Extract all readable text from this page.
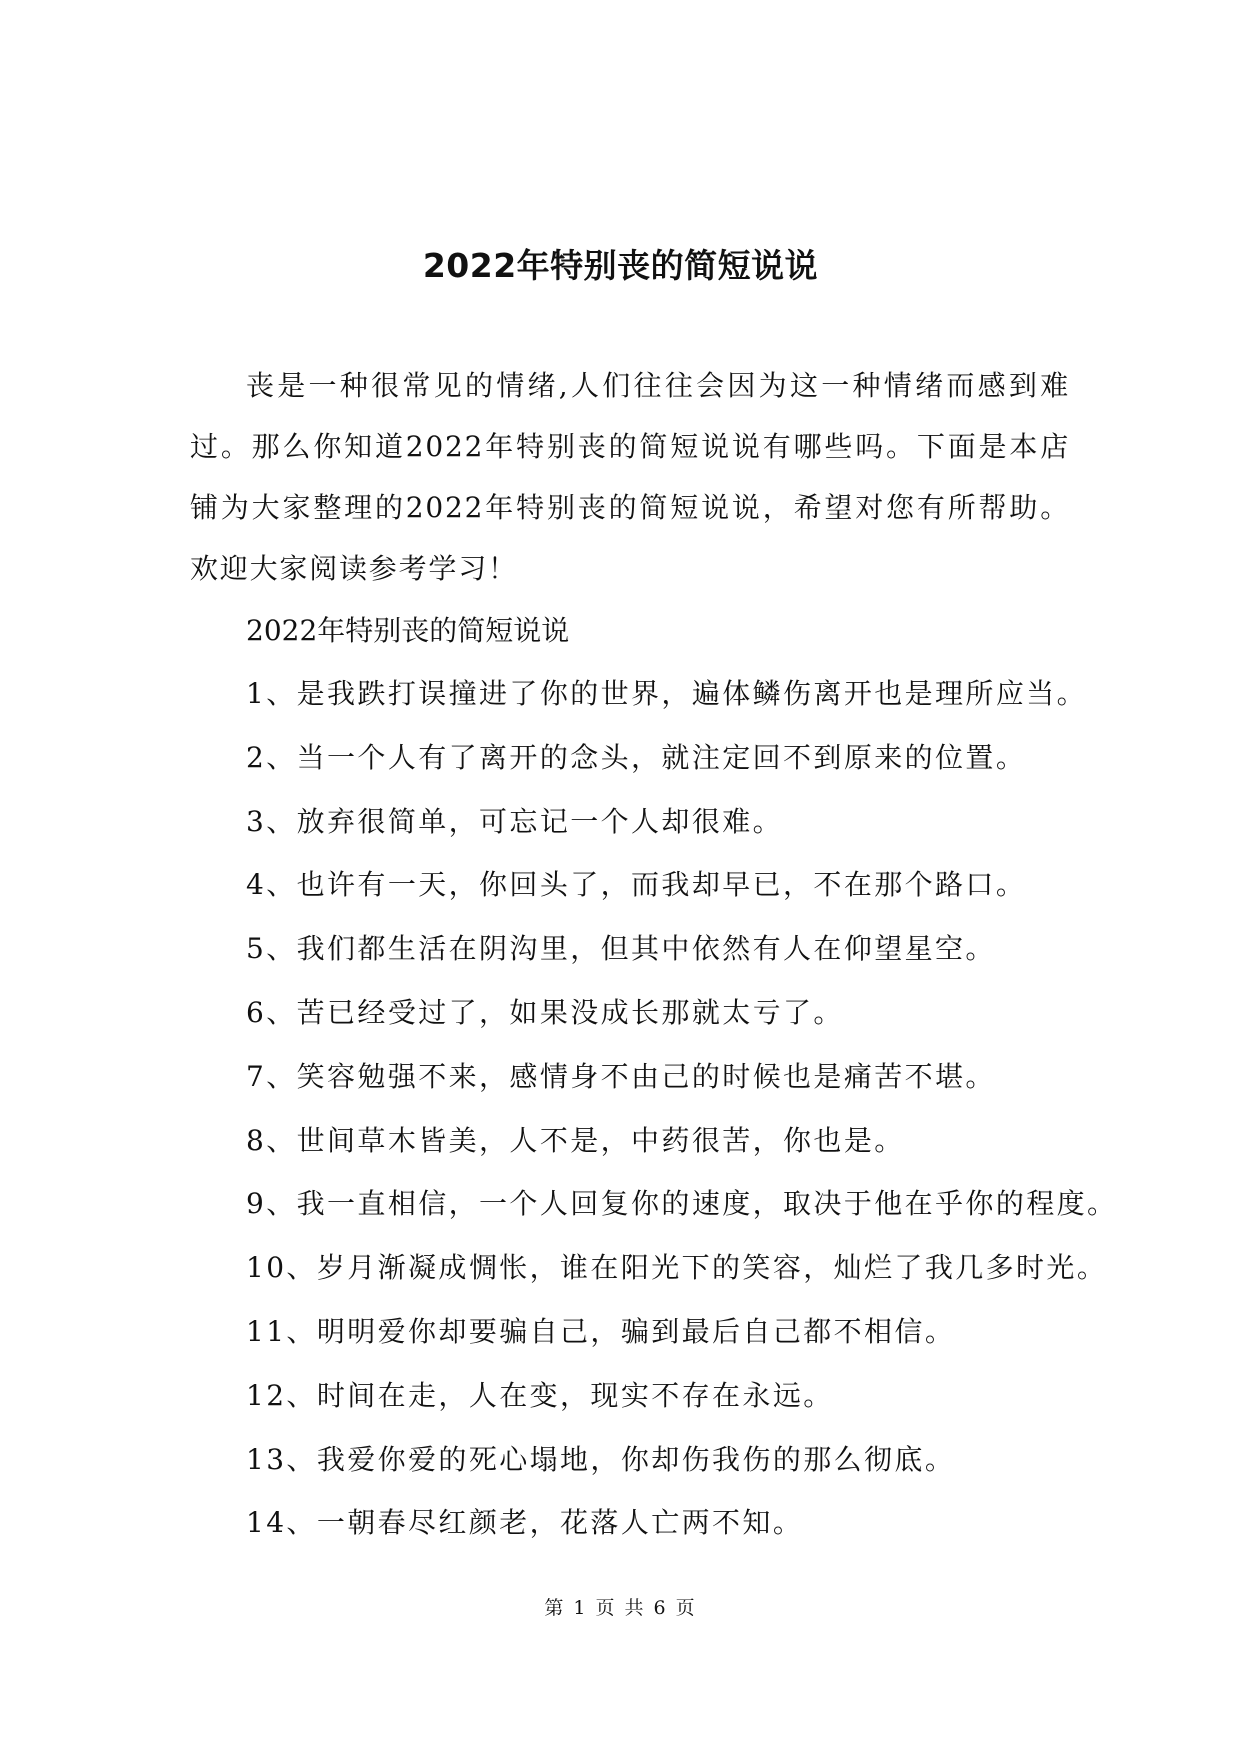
2022年特别丧的简短说说

丧是一种很常见的情绪,人们往往会因为这一种情绪而感到难过。那么你知道2022年特别丧的简短说说有哪些吗。下面是本店铺为大家整理的2022年特别丧的简短说说，希望对您有所帮助。欢迎大家阅读参考学习！

2022年特别丧的简短说说

1、是我跌打误撞进了你的世界，遍体鳞伤离开也是理所应当。
2、当一个人有了离开的念头，就注定回不到原来的位置。
3、放弃很简单，可忘记一个人却很难。
4、也许有一天，你回头了，而我却早已，不在那个路口。
5、我们都生活在阴沟里，但其中依然有人在仰望星空。
6、苦已经受过了，如果没成长那就太亏了。
7、笑容勉强不来，感情身不由己的时候也是痛苦不堪。
8、世间草木皆美，人不是，中药很苦，你也是。
9、我一直相信，一个人回复你的速度，取决于他在乎你的程度。
10、岁月渐凝成惆怅，谁在阳光下的笑容，灿烂了我几多时光。
11、明明爱你却要骗自己，骗到最后自己都不相信。
12、时间在走，人在变，现实不存在永远。
13、我爱你爱的死心塌地，你却伤我伤的那么彻底。
14、一朝春尽红颜老，花落人亡两不知。
第 1 页 共 6 页
